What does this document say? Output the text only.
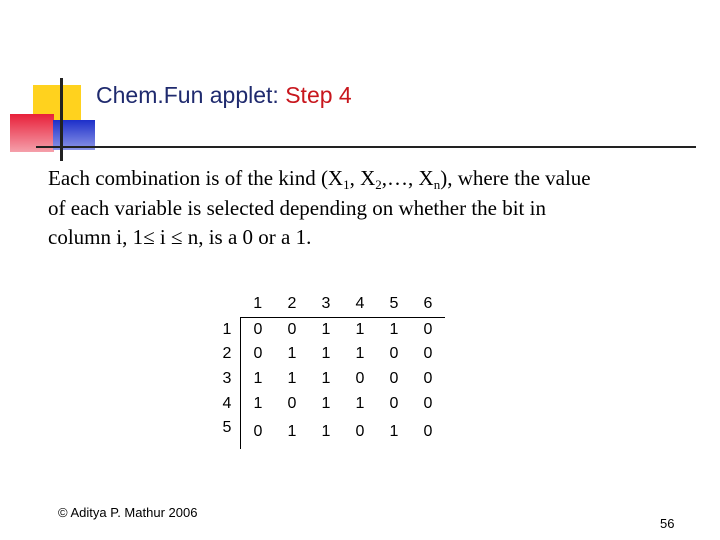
Chem.Fun applet: Step 4

Each combination is of the kind ($X_1$, $X_2,\dots$, $X_n$), where the value
of each variable is selected depending on whether the bit in
column i, 1≤ i ≤ n, is a 0 or a 1.

	1	2	3	4	5	6
1	0	0	1	1	1	0
2	0	1	1	1	0	0
3	1	1	1	0	0	0
4	1	0	1	1	0	0
5	0	1	1	0	1	0
© Aditya P. Mathur 2006
56
